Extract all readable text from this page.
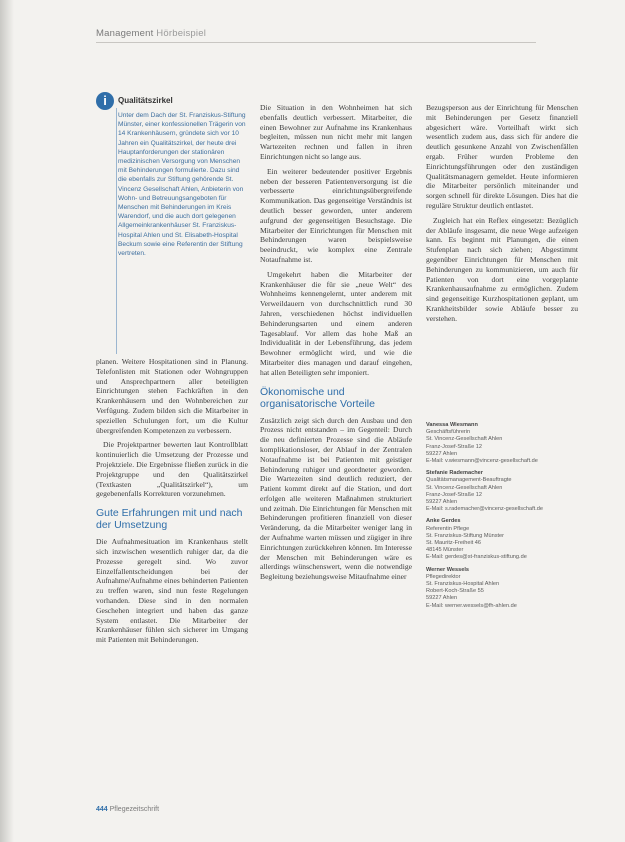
Management Hörbeispiel
i	Qualitätszirkel
Unter dem Dach der St. Franziskus-Stiftung Münster, einer konfessionellen Trägerin von 14 Krankenhäusern, gründete sich vor 10 Jahren ein Qualitätszirkel, der heute drei Hauptanforderungen der stationären medizinischen Versorgung von Menschen mit Behinderungen formulierte. Dazu sind die ebenfalls zur Stiftung gehörende St. Vincenz Gesellschaft Ahlen, Anbieterin von Wohn- und Betreuungsangeboten für Menschen mit Behinderungen im Kreis Warendorf, und die auch dort gelegenen Allgemeinkrankenhäuser St. Franziskus-Hospital Ahlen und St. Elisabeth-Hospital Beckum sowie eine Referentin der Stiftung vertreten.

planen. Weitere Hospitationen sind in Planung. Telefonlisten mit Stationen oder Wohngruppen und Ansprechpartnern aller beteiligten Einrichtungen stehen Fachkräften in den Krankenhäusern und den Wohnbereichen zur Verfügung. Zudem bilden sich die Mitarbeiter in speziellen Schulungen fort, um die Kultur übergreifenden Kompetenzen zu verbessern.

Die Projektpartner bewerten laut Kontrollblatt kontinuierlich die Umsetzung der Prozesse und Projektziele. Die Ergebnisse fließen zurück in die Projektgruppe und den Qualitätszirkel (Textkasten „Qualitätszirkel“), um gegebenenfalls Korrekturen vorzunehmen.

Gute Erfahrungen mit und nach der Umsetzung

Die Aufnahmesituation im Krankenhaus stellt sich inzwischen wesentlich ruhiger dar, da die Prozesse geregelt sind. Wo zuvor Einzelfallentscheidungen bei der Aufnahme/Aufnahme eines behinderten Patienten zu treffen waren, sind nun feste Regelungen vorhanden. Diese sind in den normalen Geschehen integriert und haben das ganze System entlastet. Die Mitarbeiter der Krankenhäuser fühlen sich sicherer im Umgang mit Patienten mit Behinderungen.

Die Situation in den Wohnheimen hat sich ebenfalls deutlich verbessert. Mitarbeiter, die einen Bewohner zur Aufnahme ins Krankenhaus begleiten, müssen nun nicht mehr mit langen Wartezeiten rechnen und fallen in ihren Einrichtungen nicht so lange aus.

Ein weiterer bedeutender positiver Ergebnis neben der besseren Patientenversorgung ist die verbesserte einrichtungsübergreifende Kommunikation. Das gegenseitige Verständnis ist deutlich besser geworden, unter anderem aufgrund der gegenseitigen Besuchstage. Die Mitarbeiter der Einrichtungen für Menschen mit Behinderungen waren beispielsweise beeindruckt, wie komplex eine Zentrale Notaufnahme ist.

Umgekehrt haben die Mitarbeiter der Krankenhäuser die für sie „neue Welt“ des Wohnheims kennengelernt, unter anderem mit Verweildauern von durchschnittlich rund 30 Jahren, verschiedenen höchst individuellen Behinderungsarten und einem anderen Tagesablauf. Vor allem das hohe Maß an Individualität in der Lebensführung, das jedem Bewohner ermöglicht wird, und wie die Mitarbeiter dies managen und darauf eingehen, hat allen Beteiligten sehr imponiert.

Ökonomische und organisatorische Vorteile

Zusätzlich zeigt sich durch den Ausbau und den Prozess nicht entstanden – im Gegenteil: Durch die neu definierten Prozesse sind die Abläufe komplikationsloser, der Ablauf in der Zentralen Notaufnahme ist bei Patienten mit geistiger Behinderung ruhiger und geordneter geworden. Die Wartezeiten sind deutlich reduziert, der Patient kommt direkt auf die Station, und dort erfolgen alle weiteren Maßnahmen strukturiert und zeitnah. Die Einrichtungen für Menschen mit Behinderungen profitieren finanziell von dieser Veränderung, da die Mitarbeiter weniger lang in der Aufnahme warten müssen und zügiger in ihre Einrichtungen zurückkehren können. Im Interesse der Menschen mit Behinderungen wäre es allerdings wünschenswert, wenn die notwendige Begleitung beziehungsweise Mitaufnahme einer

Bezugsperson aus der Einrichtung für Menschen mit Behinderungen per Gesetz finanziell abgesichert wäre. Vorteilhaft wirkt sich wesentlich zudem aus, dass sich für andere die deutlich gesunkene Anzahl von Zwischenfällen ergab. Früher wurden Probleme den Einrichtungsführungen oder den zuständigen Qualitätsmanagern gemeldet. Heute informieren die Mitarbeiter persönlich miteinander und sorgen schnell für direkte Lösungen. Dies hat die reguläre Struktur deutlich entlastet.

Zugleich hat ein Reflex eingesetzt: Bezüglich der Abläufe insgesamt, die neue Wege aufzeigen kann. Es beginnt mit Planungen, die einen Stufenplan nach sich ziehen; Abgestimmt gegenüber Einrichtungen für Menschen mit Behinderungen zu kommunizieren, um auch für Patienten von dort eine vorgeplante Krankenhausaufnahme zu ermöglichen. Zudem sind gegenseitige Kurzhospitationen geplant, um Krankheitsbilder sowie Abläufe besser zu verstehen.

Vanessa Wiesmann
Geschäftsführerin
St. Vincenz-Gesellschaft Ahlen
Franz-Josef-Straße 12
59227 Ahlen
E-Mail: v.wiesmann@vincenz-gesellschaft.de
Stefanie Rademacher
Qualitätsmanagement-Beauftragte
St. Vincenz-Gesellschaft Ahlen
Franz-Josef-Straße 12
59227 Ahlen
E-Mail: s.rademacher@vincenz-gesellschaft.de
Anke Gerdes
Referentin Pflege
St. Franziskus-Stiftung Münster
St. Mauritz-Freiheit 46
48145 Münster
E-Mail: gerdes@st-franziskus-stiftung.de
Werner Wessels
Pflegedirektor
St. Franziskus-Hospital Ahlen
Robert-Koch-Straße 55
59227 Ahlen
E-Mail: werner.wessels@fh-ahlen.de
444 Pflegezeitschrift
